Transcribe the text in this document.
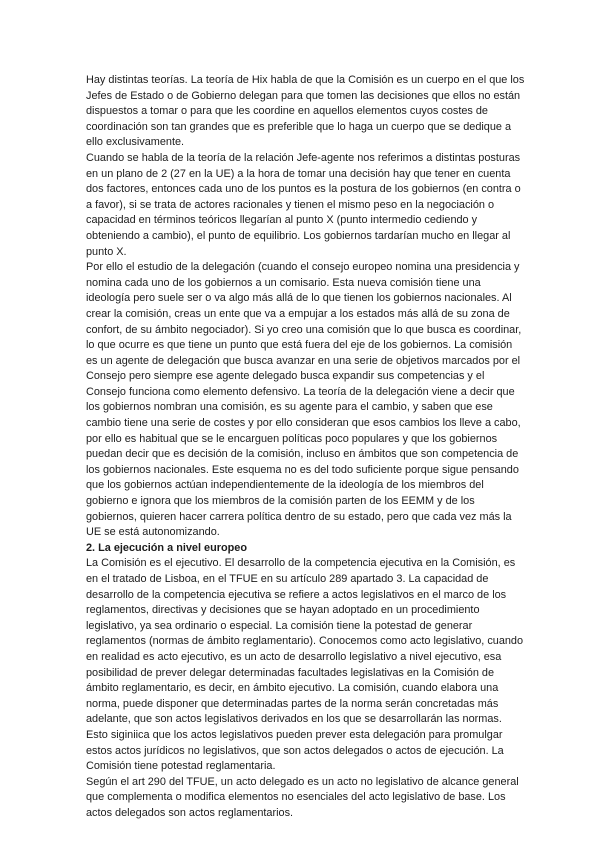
Hay distintas teorías. La teoría de Hix habla de que la Comisión es un cuerpo en el que los Jefes de Estado o de Gobierno delegan para que tomen las decisiones que ellos no están dispuestos a tomar o para que les coordine en aquellos elementos cuyos costes de coordinación son tan grandes que es preferible que lo haga un cuerpo que se dedique a ello exclusivamente.

Cuando se habla de la teoría de la relación Jefe-agente nos referimos a distintas posturas en un plano de 2 (27 en la UE) a la hora de tomar una decisión hay que tener en cuenta dos factores, entonces cada uno de los puntos es la postura de los gobiernos (en contra o a favor), si se trata de actores racionales y tienen el mismo peso en la negociación o capacidad en términos teóricos llegarían al punto X (punto intermedio cediendo y obteniendo a cambio), el punto de equilibrio. Los gobiernos tardarían mucho en llegar al punto X.

Por ello el estudio de la delegación (cuando el consejo europeo nomina una presidencia y nomina cada uno de los gobiernos a un comisario. Esta nueva comisión tiene una ideología pero suele ser o va algo más allá de lo que tienen los gobiernos nacionales. Al crear la comisión, creas un ente que va a empujar a los estados más allá de su zona de confort, de su ámbito negociador). Si yo creo una comisión que lo que busca es coordinar, lo que ocurre es que tiene un punto que está fuera del eje de los gobiernos. La comisión es un agente de delegación que busca avanzar en una serie de objetivos marcados por el Consejo pero siempre ese agente delegado busca expandir sus competencias y el Consejo funciona como elemento defensivo. La teoría de la delegación viene a decir que los gobiernos nombran una comisión, es su agente para el cambio, y saben que ese cambio tiene una serie de costes y por ello consideran que esos cambios los lleve a cabo, por ello es habitual que se le encarguen políticas poco populares y que los gobiernos puedan decir que es decisión de la comisión, incluso en ámbitos que son competencia de los gobiernos nacionales. Este esquema no es del todo suficiente porque sigue pensando que los gobiernos actúan independientemente de la ideología de los miembros del gobierno e ignora que los miembros de la comisión parten de los EEMM y de los gobiernos, quieren hacer carrera política dentro de su estado, pero que cada vez más la UE se está autonomizando.

2. La ejecución a nivel europeo

La Comisión es el ejecutivo. El desarrollo de la competencia ejecutiva en la Comisión, es en el tratado de Lisboa, en el TFUE en su artículo 289 apartado 3. La capacidad de desarrollo de la competencia ejecutiva se refiere a actos legislativos en el marco de los reglamentos, directivas y decisiones que se hayan adoptado en un procedimiento legislativo, ya sea ordinario o especial. La comisión tiene la potestad de generar reglamentos (normas de ámbito reglamentario). Conocemos como acto legislativo, cuando en realidad es acto ejecutivo, es un acto de desarrollo legislativo a nivel ejecutivo, esa posibilidad de prever delegar determinadas facultades legislativas en la Comisión de ámbito reglamentario, es decir, en ámbito ejecutivo. La comisión, cuando elabora una norma, puede disponer que determinadas partes de la norma serán concretadas más adelante, que son actos legislativos derivados en los que se desarrollarán las normas. Esto siginiica que los actos legislativos pueden prever esta delegación para promulgar estos actos jurídicos no legislativos, que son actos delegados o actos de ejecución. La Comisión tiene potestad reglamentaria.

Según el art 290 del TFUE, un acto delegado es un acto no legislativo de alcance general que complementa o modifica elementos no esenciales del acto legislativo de base. Los actos delegados son actos reglamentarios.
